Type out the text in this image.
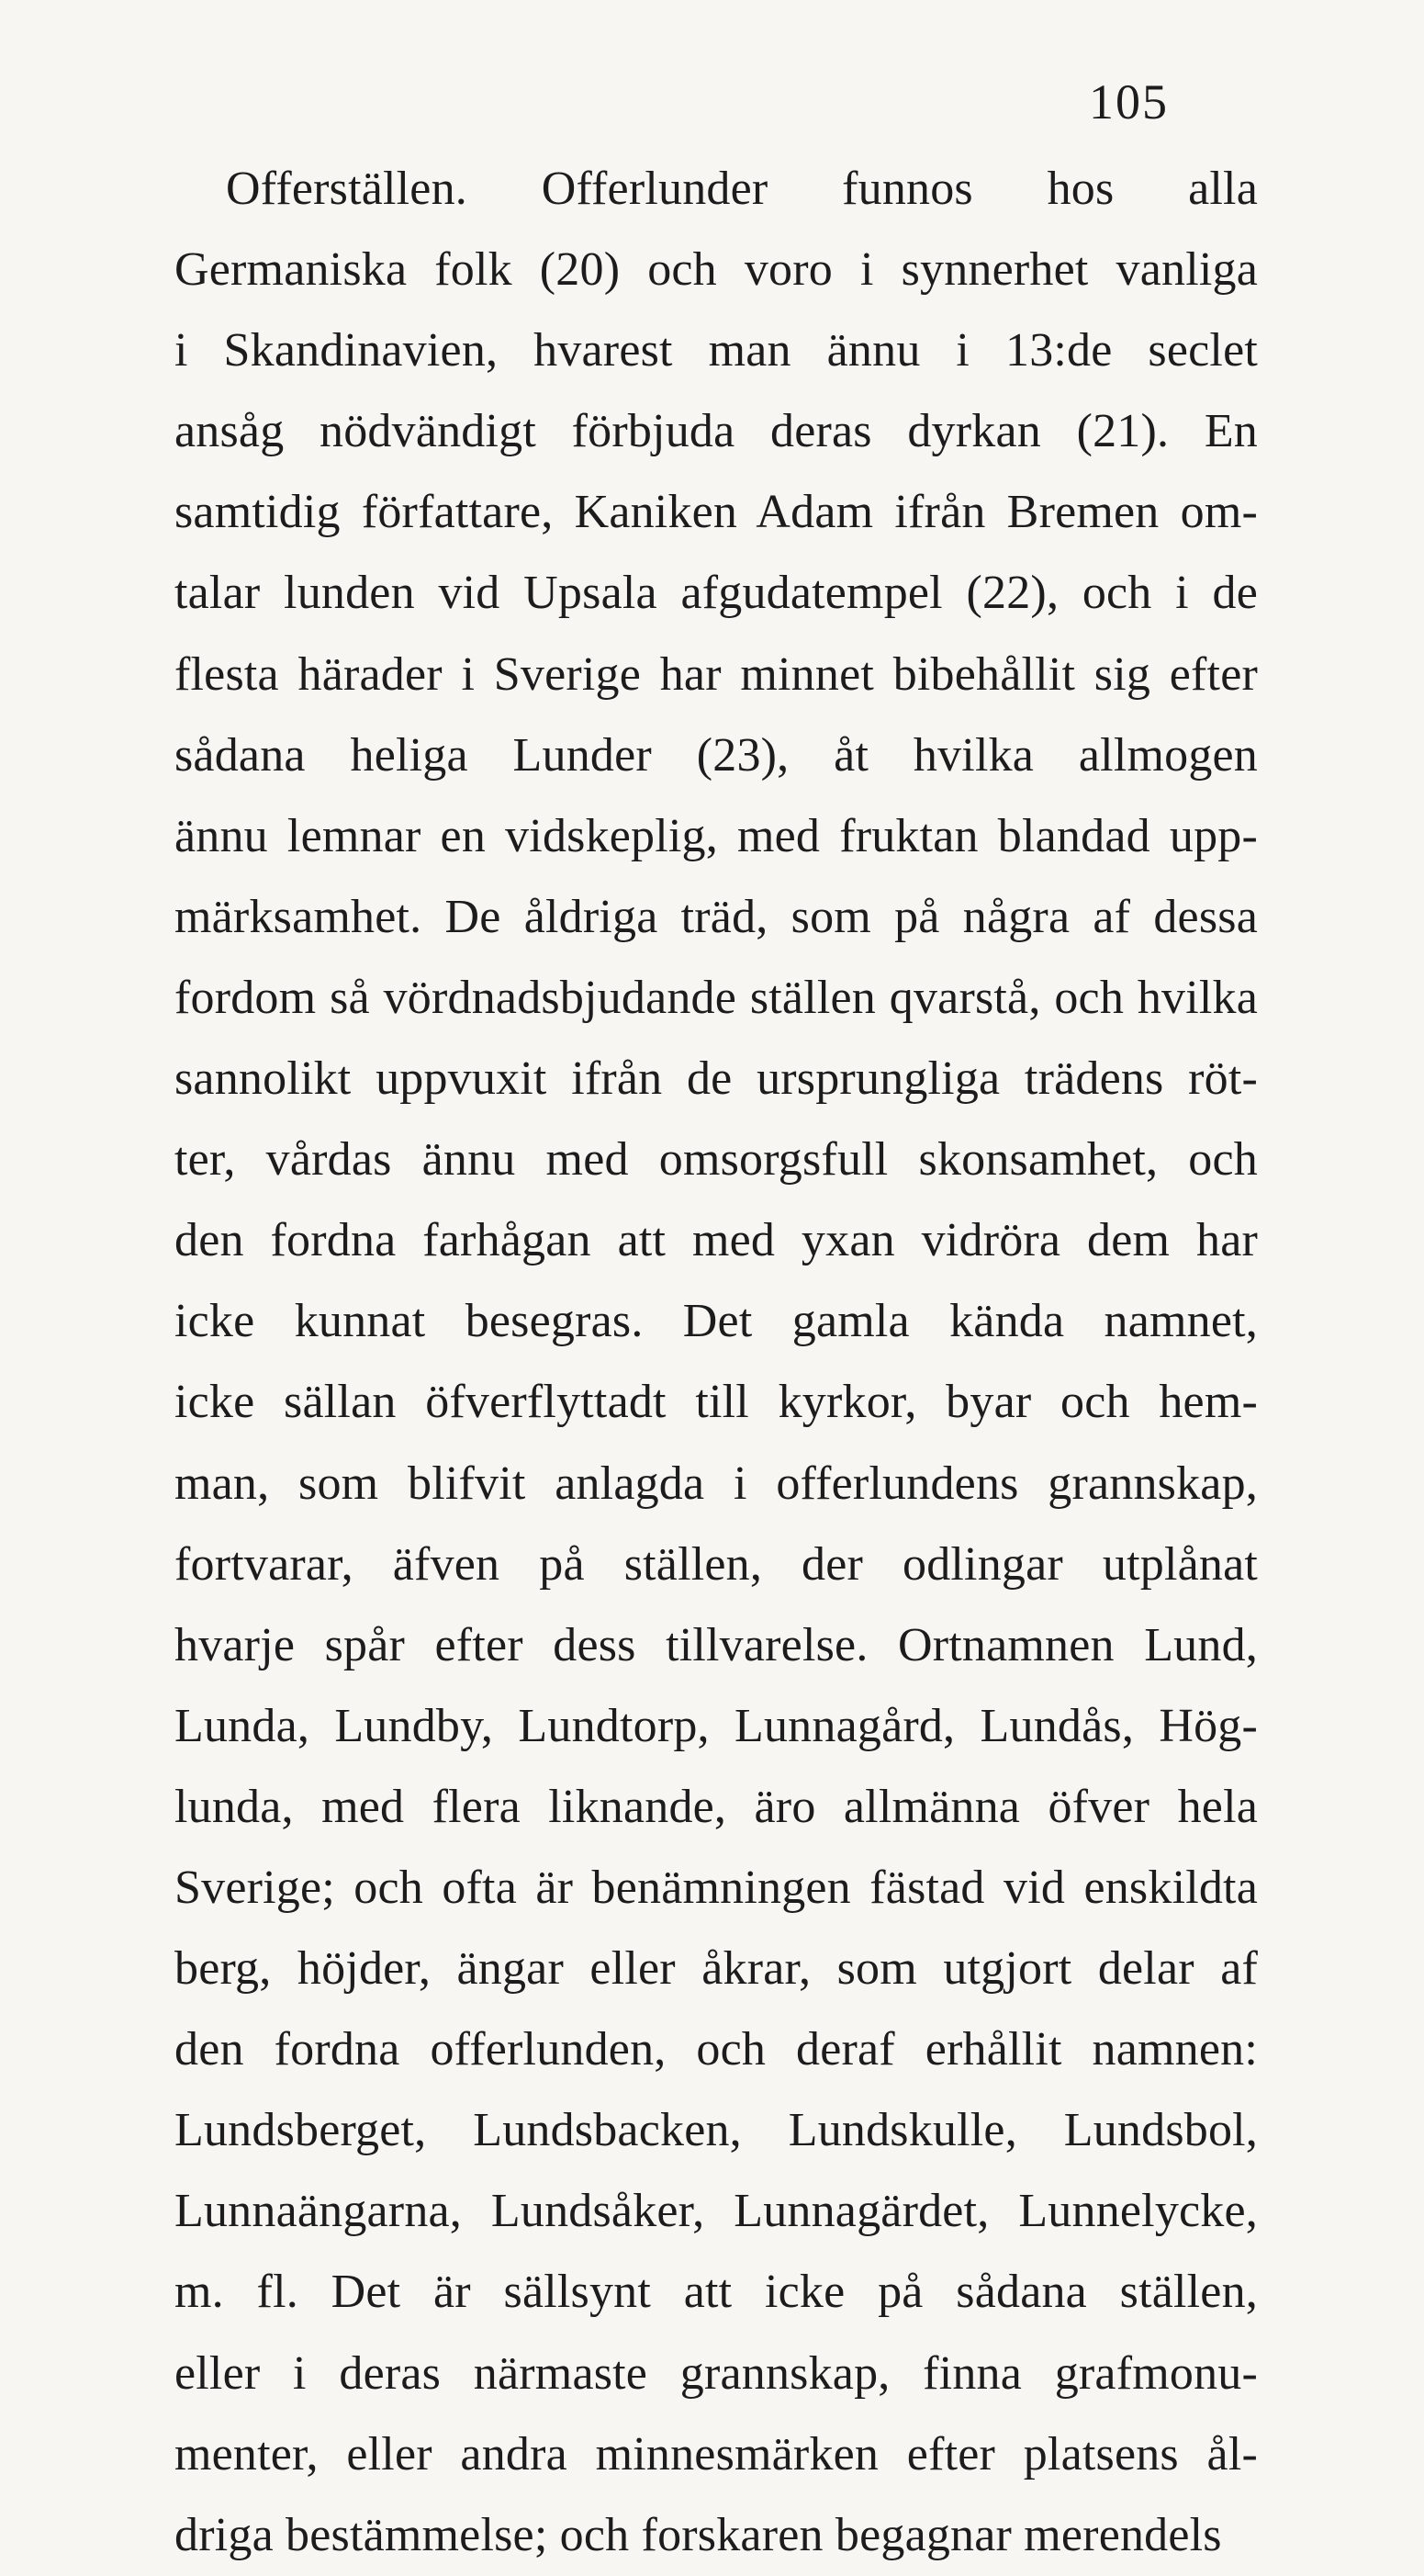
105
Offerställen. Offerlunder funnos hos alla
Germaniska folk (20) och voro i synnerhet vanliga
i Skandinavien, hvarest man ännu i 13:de seclet
ansåg nödvändigt förbjuda deras dyrkan (21). En
samtidig författare, Kaniken Adam ifrån Bremen om-
talar lunden vid Upsala afgudatempel (22), och i de
flesta härader i Sverige har minnet bibehållit sig efter
sådana heliga Lunder (23), åt hvilka allmogen
ännu lemnar en vidskeplig, med fruktan blandad upp-
märksamhet. De åldriga träd, som på några af dessa
fordom så vördnadsbjudande ställen qvarstå, och hvilka
sannolikt uppvuxit ifrån de ursprungliga trädens röt-
ter, vårdas ännu med omsorgsfull skonsamhet, och
den fordna farhågan att med yxan vidröra dem har
icke kunnat besegras. Det gamla kända namnet,
icke sällan öfverflyttadt till kyrkor, byar och hem-
man, som blifvit anlagda i offerlundens grannskap,
fortvarar, äfven på ställen, der odlingar utplånat
hvarje spår efter dess tillvarelse. Ortnamnen Lund,
Lunda, Lundby, Lundtorp, Lunnagård, Lundås, Hög-
lunda, med flera liknande, äro allmänna öfver hela
Sverige; och ofta är benämningen fästad vid enskildta
berg, höjder, ängar eller åkrar, som utgjort delar af
den fordna offerlunden, och deraf erhållit namnen:
Lundsberget, Lundsbacken, Lundskulle, Lundsbol,
Lunnaängarna, Lundsåker, Lunnagärdet, Lunnelycke,
m. fl. Det är sällsynt att icke på sådana ställen,
eller i deras närmaste grannskap, finna grafmonu-
menter, eller andra minnesmärken efter platsens ål-
driga bestämmelse; och forskaren begagnar merendels
